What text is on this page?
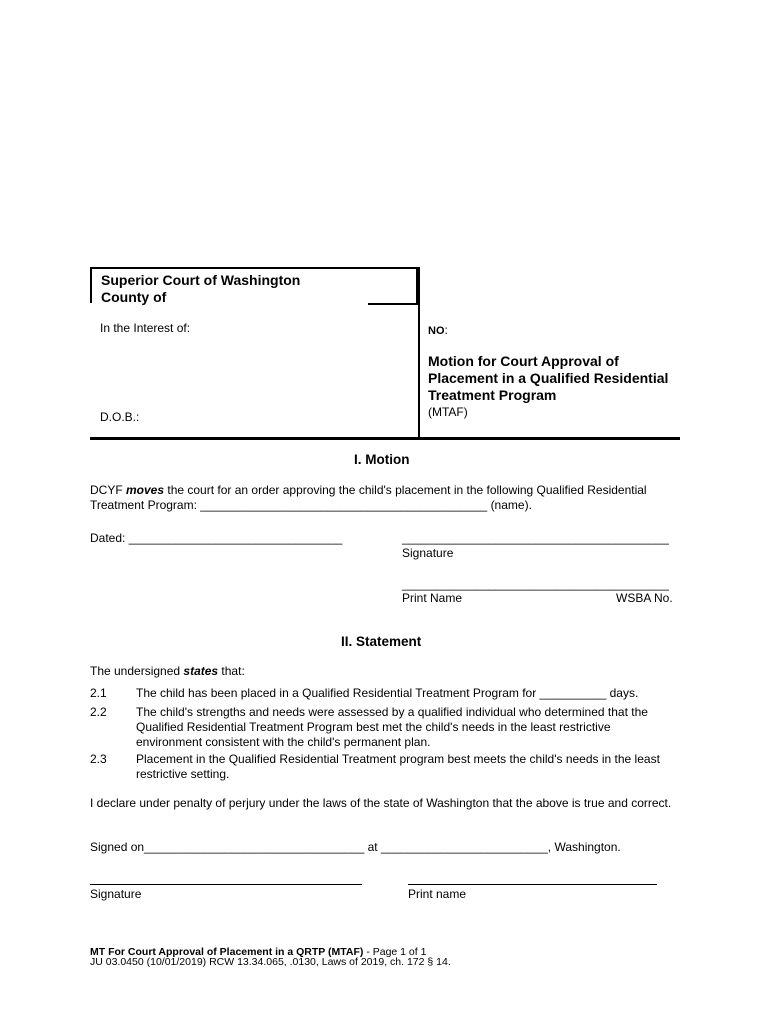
Superior Court of Washington
County of
In the Interest of:
D.O.B.:
NO:
Motion for Court Approval of Placement in a Qualified Residential Treatment Program
(MTAF)
I. Motion
DCYF moves the court for an order approving the child's placement in the following Qualified Residential Treatment Program: ___________________________________________ (name).
Dated: ________________________________	________________________________________
Signature
________________________________________
Print Name	WSBA No.
II. Statement
The undersigned states that:
2.1 The child has been placed in a Qualified Residential Treatment Program for __________ days.
2.2 The child's strengths and needs were assessed by a qualified individual who determined that the Qualified Residential Treatment Program best met the child's needs in the least restrictive environment consistent with the child's permanent plan.
2.3 Placement in the Qualified Residential Treatment program best meets the child's needs in the least restrictive setting.
I declare under penalty of perjury under the laws of the state of Washington that the above is true and correct.
Signed on_________________________________ at _________________________, Washington.
Signature	Print name
MT For Court Approval of Placement in a QRTP (MTAF) - Page 1 of 1
JU 03.0450 (10/01/2019) RCW 13.34.065, .0130, Laws of 2019, ch. 172 § 14.
